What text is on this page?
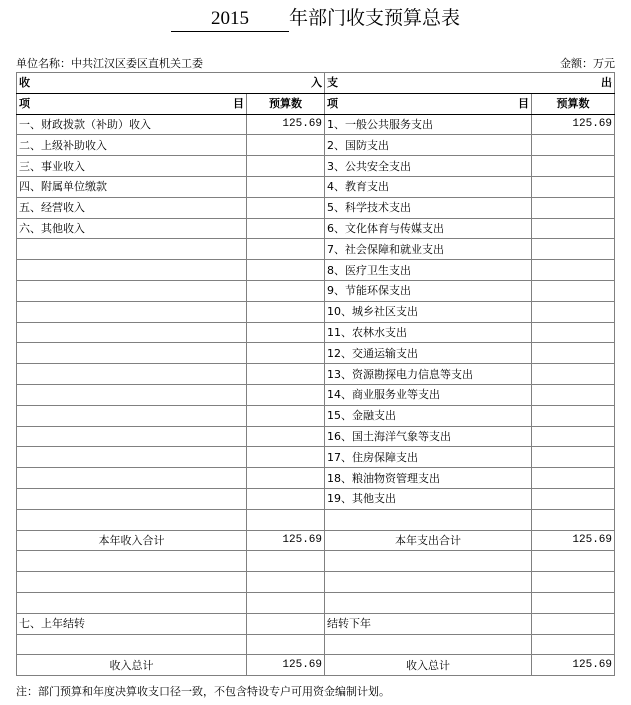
2015 年部门收支预算总表
单位名称：中共江汉区委区直机关工委	金额：万元
收 入		支 出	

项 目	预算数	项 目	预算数
一、财政拨款（补助）收入	125.69	1、一般公共服务支出	125.69
二、上级补助收入		2、国防支出	
三、事业收入		3、公共安全支出	
四、附属单位缴款		4、教育支出	
五、经营收入		5、科学技术支出	
六、其他收入		6、文化体育与传媒支出	
		7、社会保障和就业支出	
		8、医疗卫生支出	
		9、节能环保支出	
		10、城乡社区支出	
		11、农林水支出	
		12、交通运输支出	
		13、资源勘探电力信息等支出	
		14、商业服务业等支出	
		15、金融支出	
		16、国土海洋气象等支出	
		17、住房保障支出	
		18、粮油物资管理支出	
		19、其他支出	

本年收入合计	125.69	本年支出合计	125.69

七、上年结转		结转下年	

收入总计	125.69	收入总计	125.69
注：部门预算和年度决算收支口径一致，不包含特设专户可用资金编制计划。
